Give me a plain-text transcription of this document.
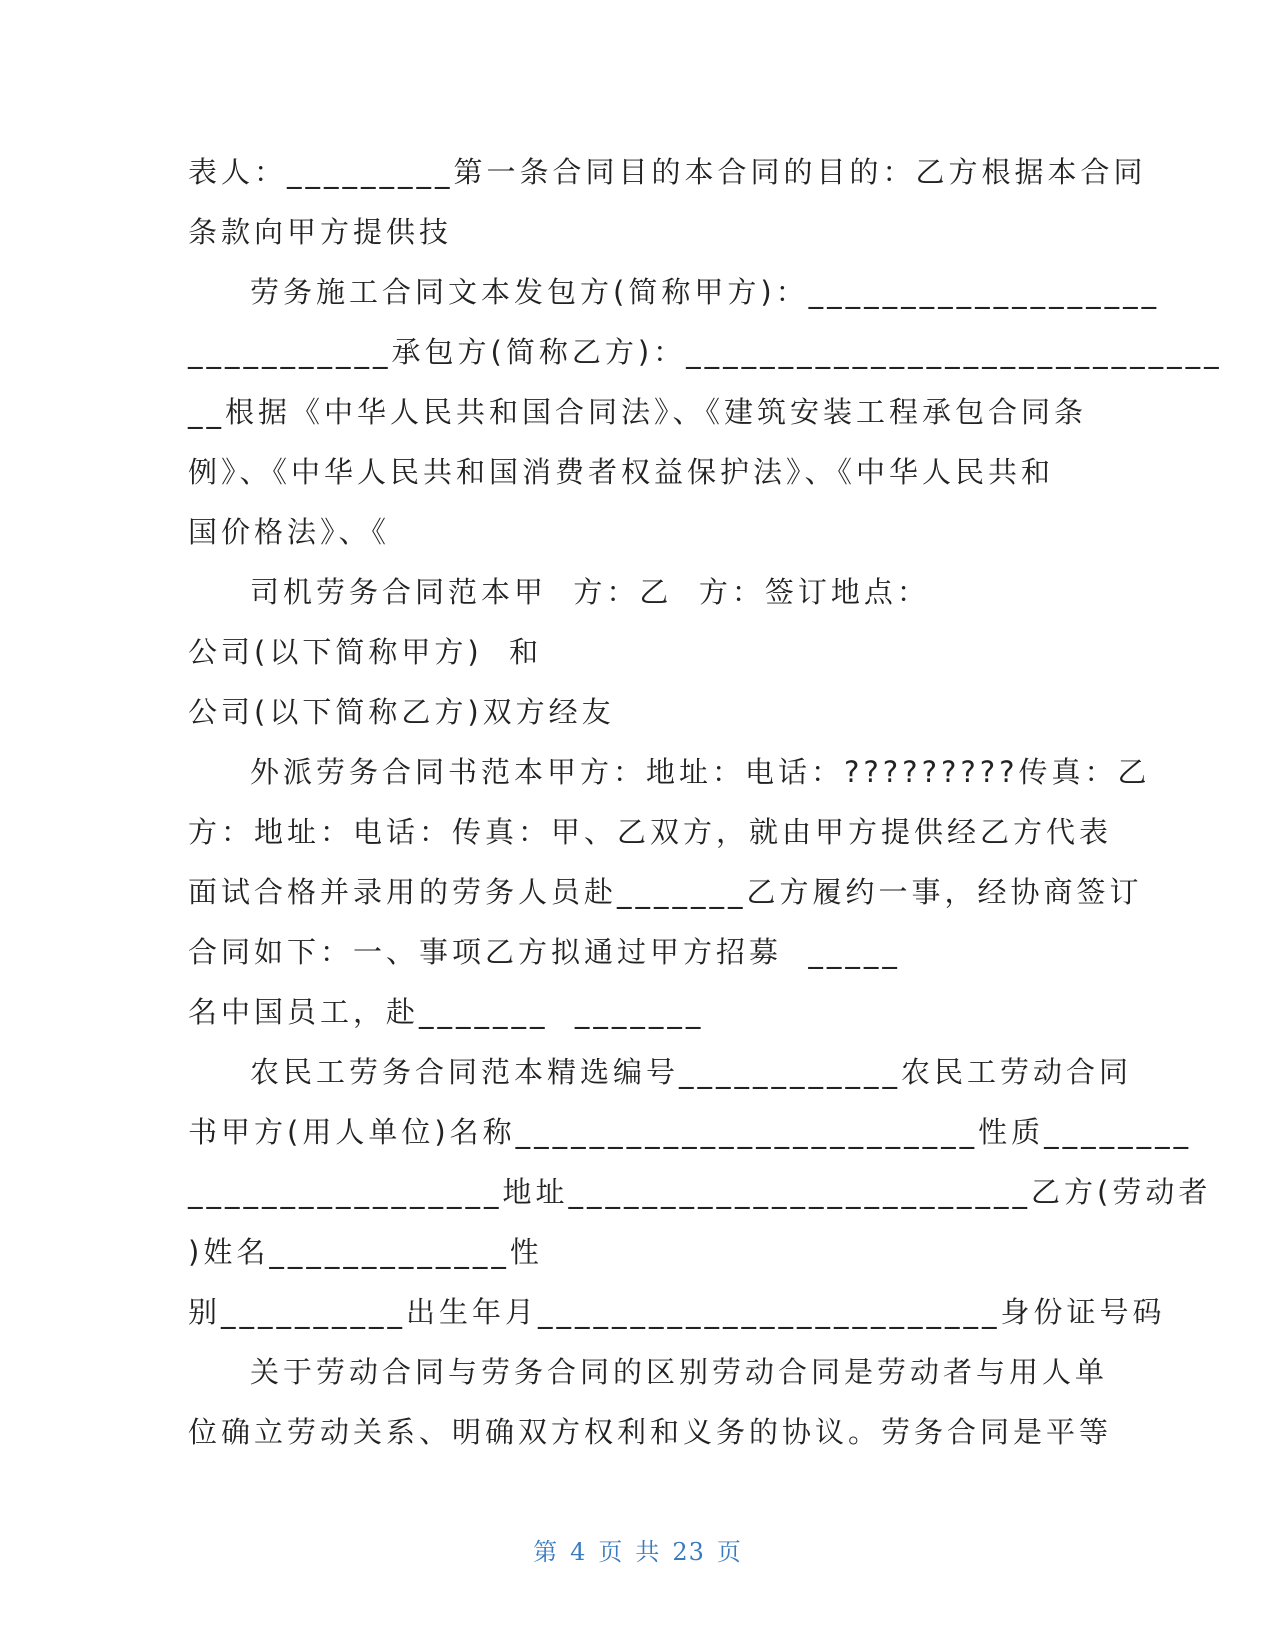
表人：_________第一条合同目的本合同的目的：乙方根据本合同
条款向甲方提供技
劳务施工合同文本发包方(简称甲方)：___________________
___________承包方(简称乙方)：_____________________________
__根据《中华人民共和国合同法》、《建筑安装工程承包合同条
例》、《中华人民共和国消费者权益保护法》、《中华人民共和
国价格法》、《
司机劳务合同范本甲  方：乙  方：签订地点：
公司(以下简称甲方)  和
公司(以下简称乙方)双方经友
外派劳务合同书范本甲方：地址：电话：?????????传真：乙
方：地址：电话：传真：甲、乙双方，就由甲方提供经乙方代表
面试合格并录用的劳务人员赴_______乙方履约一事，经协商签订
合同如下：一、事项乙方拟通过甲方招募  _____
名中国员工，赴_______  _______
农民工劳务合同范本精选编号____________农民工劳动合同
书甲方(用人单位)名称_________________________性质________
_________________地址_________________________乙方(劳动者
)姓名_____________性
别__________出生年月_________________________身份证号码
关于劳动合同与劳务合同的区别劳动合同是劳动者与用人单
位确立劳动关系、明确双方权利和义务的协议。劳务合同是平等
第 4 页 共 23 页
